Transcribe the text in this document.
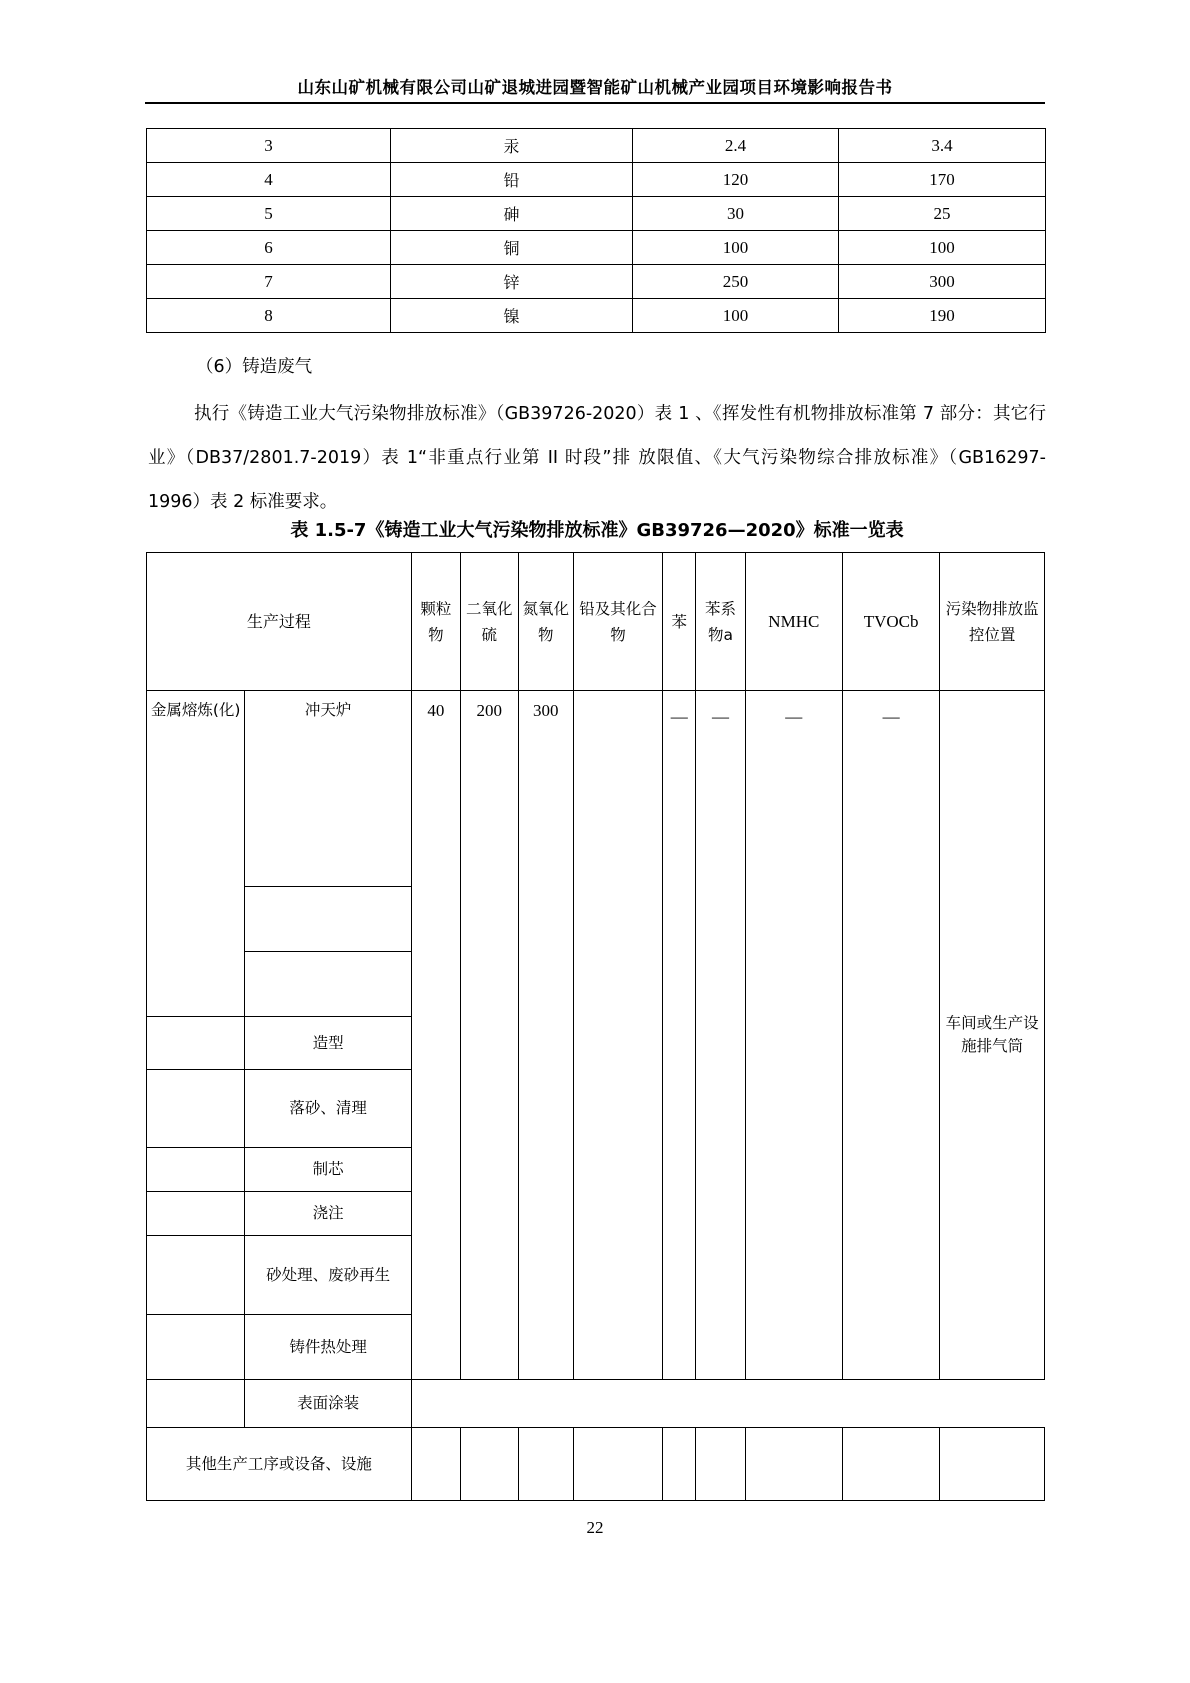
山东山矿机械有限公司山矿退城进园暨智能矿山机械产业园项目环境影响报告书
3	汞	2.4	3.4
4	铅	120	170
5	砷	30	25
6	铜	100	100
7	锌	250	300
8	镍	100	190
（6）铸造废气
执行《铸造工业大气污染物排放标准》（GB39726-2020）表 1 、《挥发性有机物排放标准第 7 部分：其它行业》（DB37/2801.7-2019）表 1“非重点行业第 II 时段”排 放限值、《大气污染物综合排放标准》（GB16297- 1996）表 2 标准要求。
表 1.5-7《铸造工业大气污染物排放标准》GB39726—2020》标准一览表
生产过程		颗粒物	二氧化硫	氮氧化物	铅及其化合物	苯	苯系物a	NMHC	TVOCb	污染物排放监控位置
金属熔炼(化)	冲天炉	40	200	300		—	—	—	—	车间或生产设施排气筒

	造型									
	落砂、清理									
	制芯									
	浇注									
	砂处理、废砂再生									
	铸件热处理									
	表面涂装									
其他生产工序或设备、设施										
22
